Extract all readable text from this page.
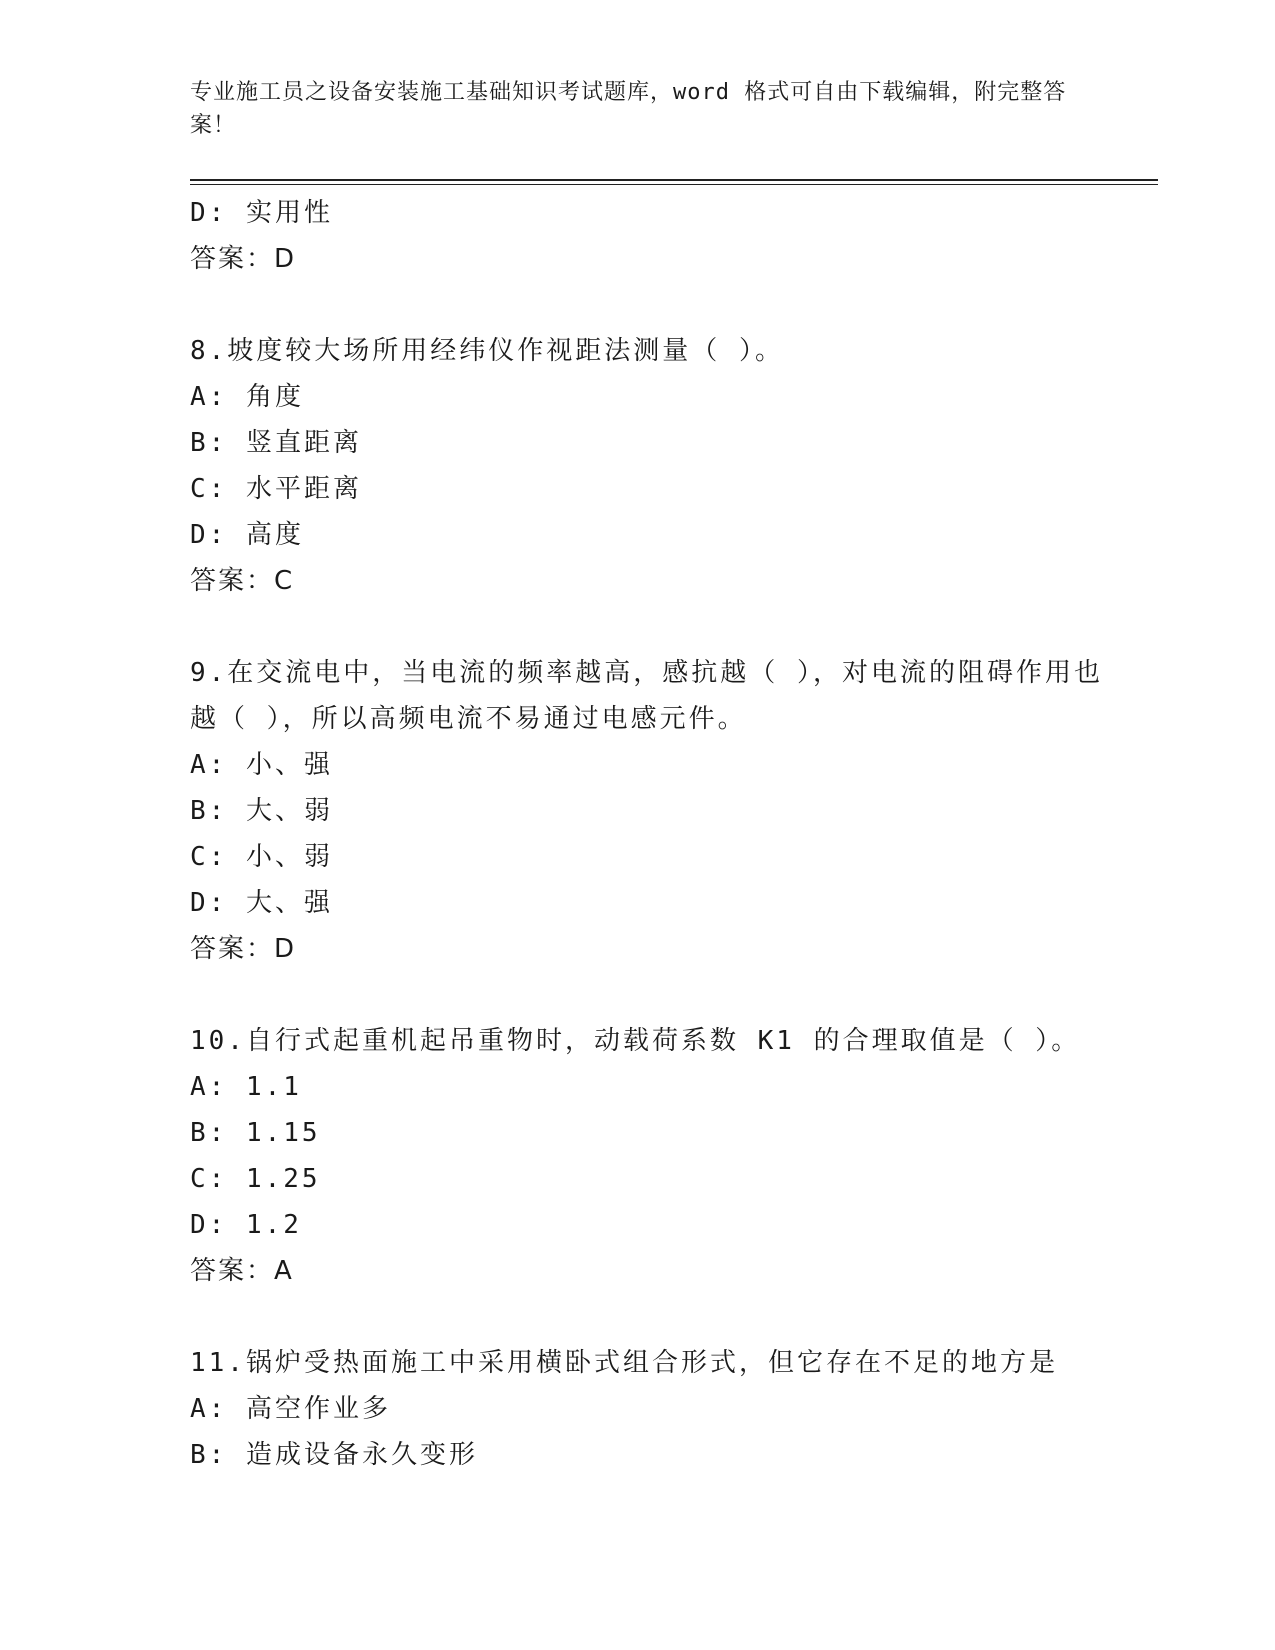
专业施工员之设备安装施工基础知识考试题库，word 格式可自由下载编辑，附完整答案！
D: 实用性
答案：D
8.坡度较大场所用经纬仪作视距法测量（ ）。
A: 角度
B: 竖直距离
C: 水平距离
D: 高度
答案：C
9.在交流电中，当电流的频率越高，感抗越（ ），对电流的阻碍作用也越（ ），所以高频电流不易通过电感元件。
A: 小、强
B: 大、弱
C: 小、弱
D: 大、强
答案：D
10.自行式起重机起吊重物时，动载荷系数 K1 的合理取值是（ ）。
A: 1.1
B: 1.15
C: 1.25
D: 1.2
答案：A
11.锅炉受热面施工中采用横卧式组合形式，但它存在不足的地方是
A: 高空作业多
B: 造成设备永久变形
